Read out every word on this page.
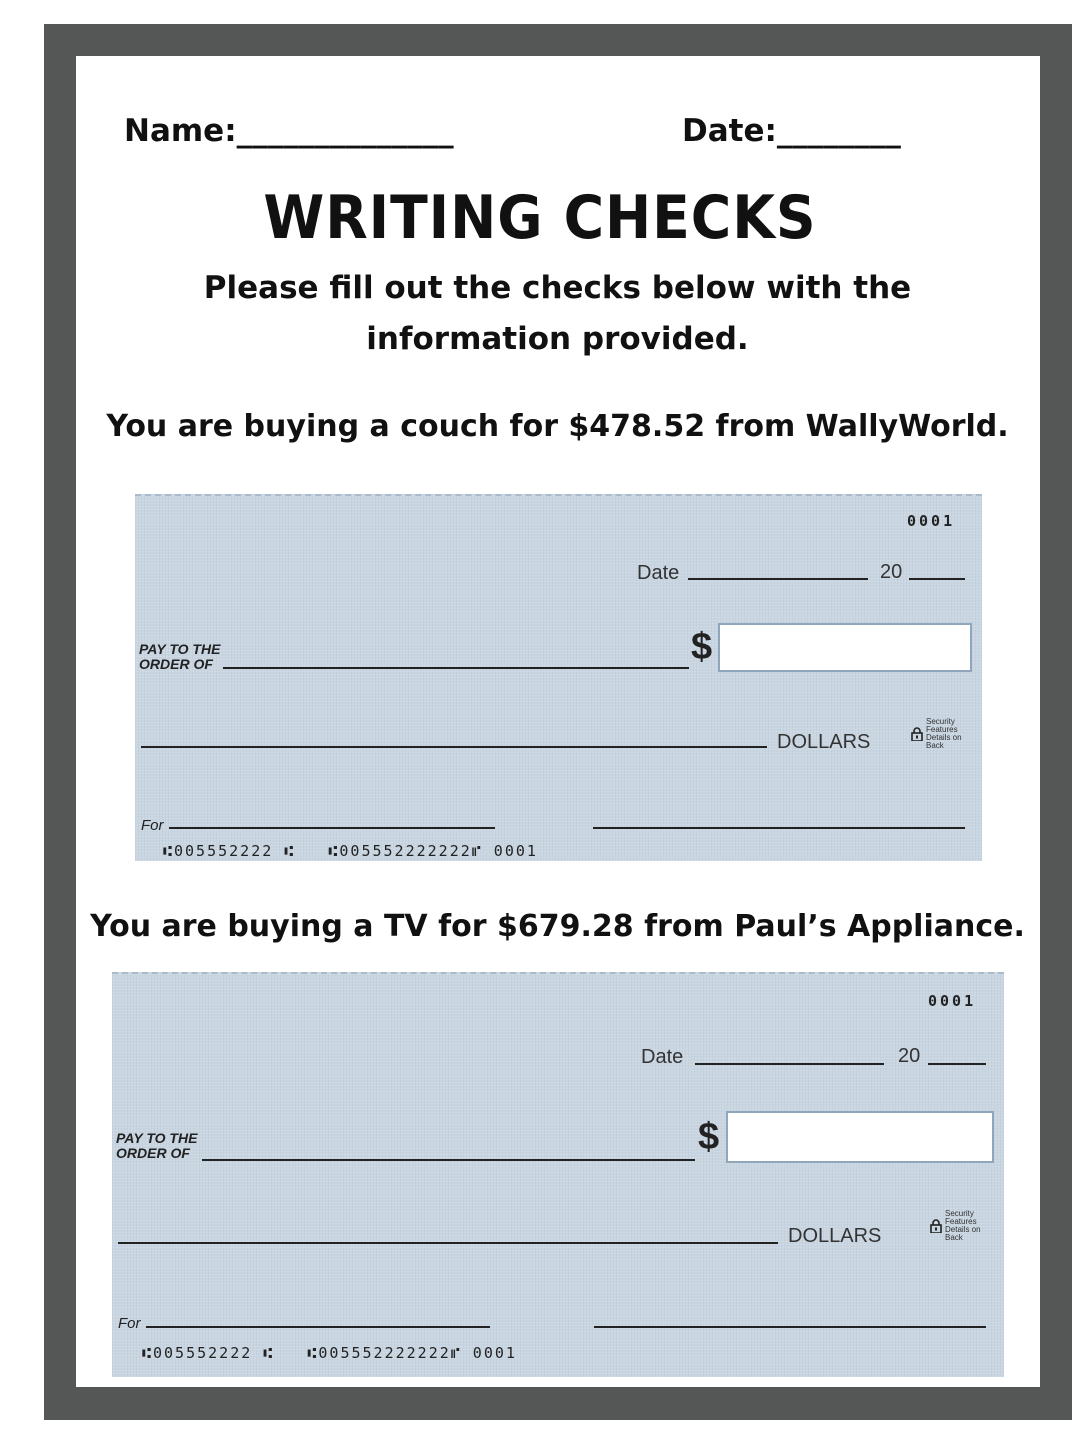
Name:______________	Date:________
WRITING CHECKS
Please fill out the checks below with the
information provided.
You are buying a couch for $478.52 from WallyWorld.
0001
Date	20
PAY TO THE
ORDER OF	$
DOLLARS
Security Features Details on Back
For
⑆005552222 ⑆   ⑆005552222222⑈ 0001
You are buying a TV for $679.28 from Paul’s Appliance.
0001
Date	20
PAY TO THE
ORDER OF	$
DOLLARS
Security Features Details on Back
For
⑆005552222 ⑆   ⑆005552222222⑈ 0001
